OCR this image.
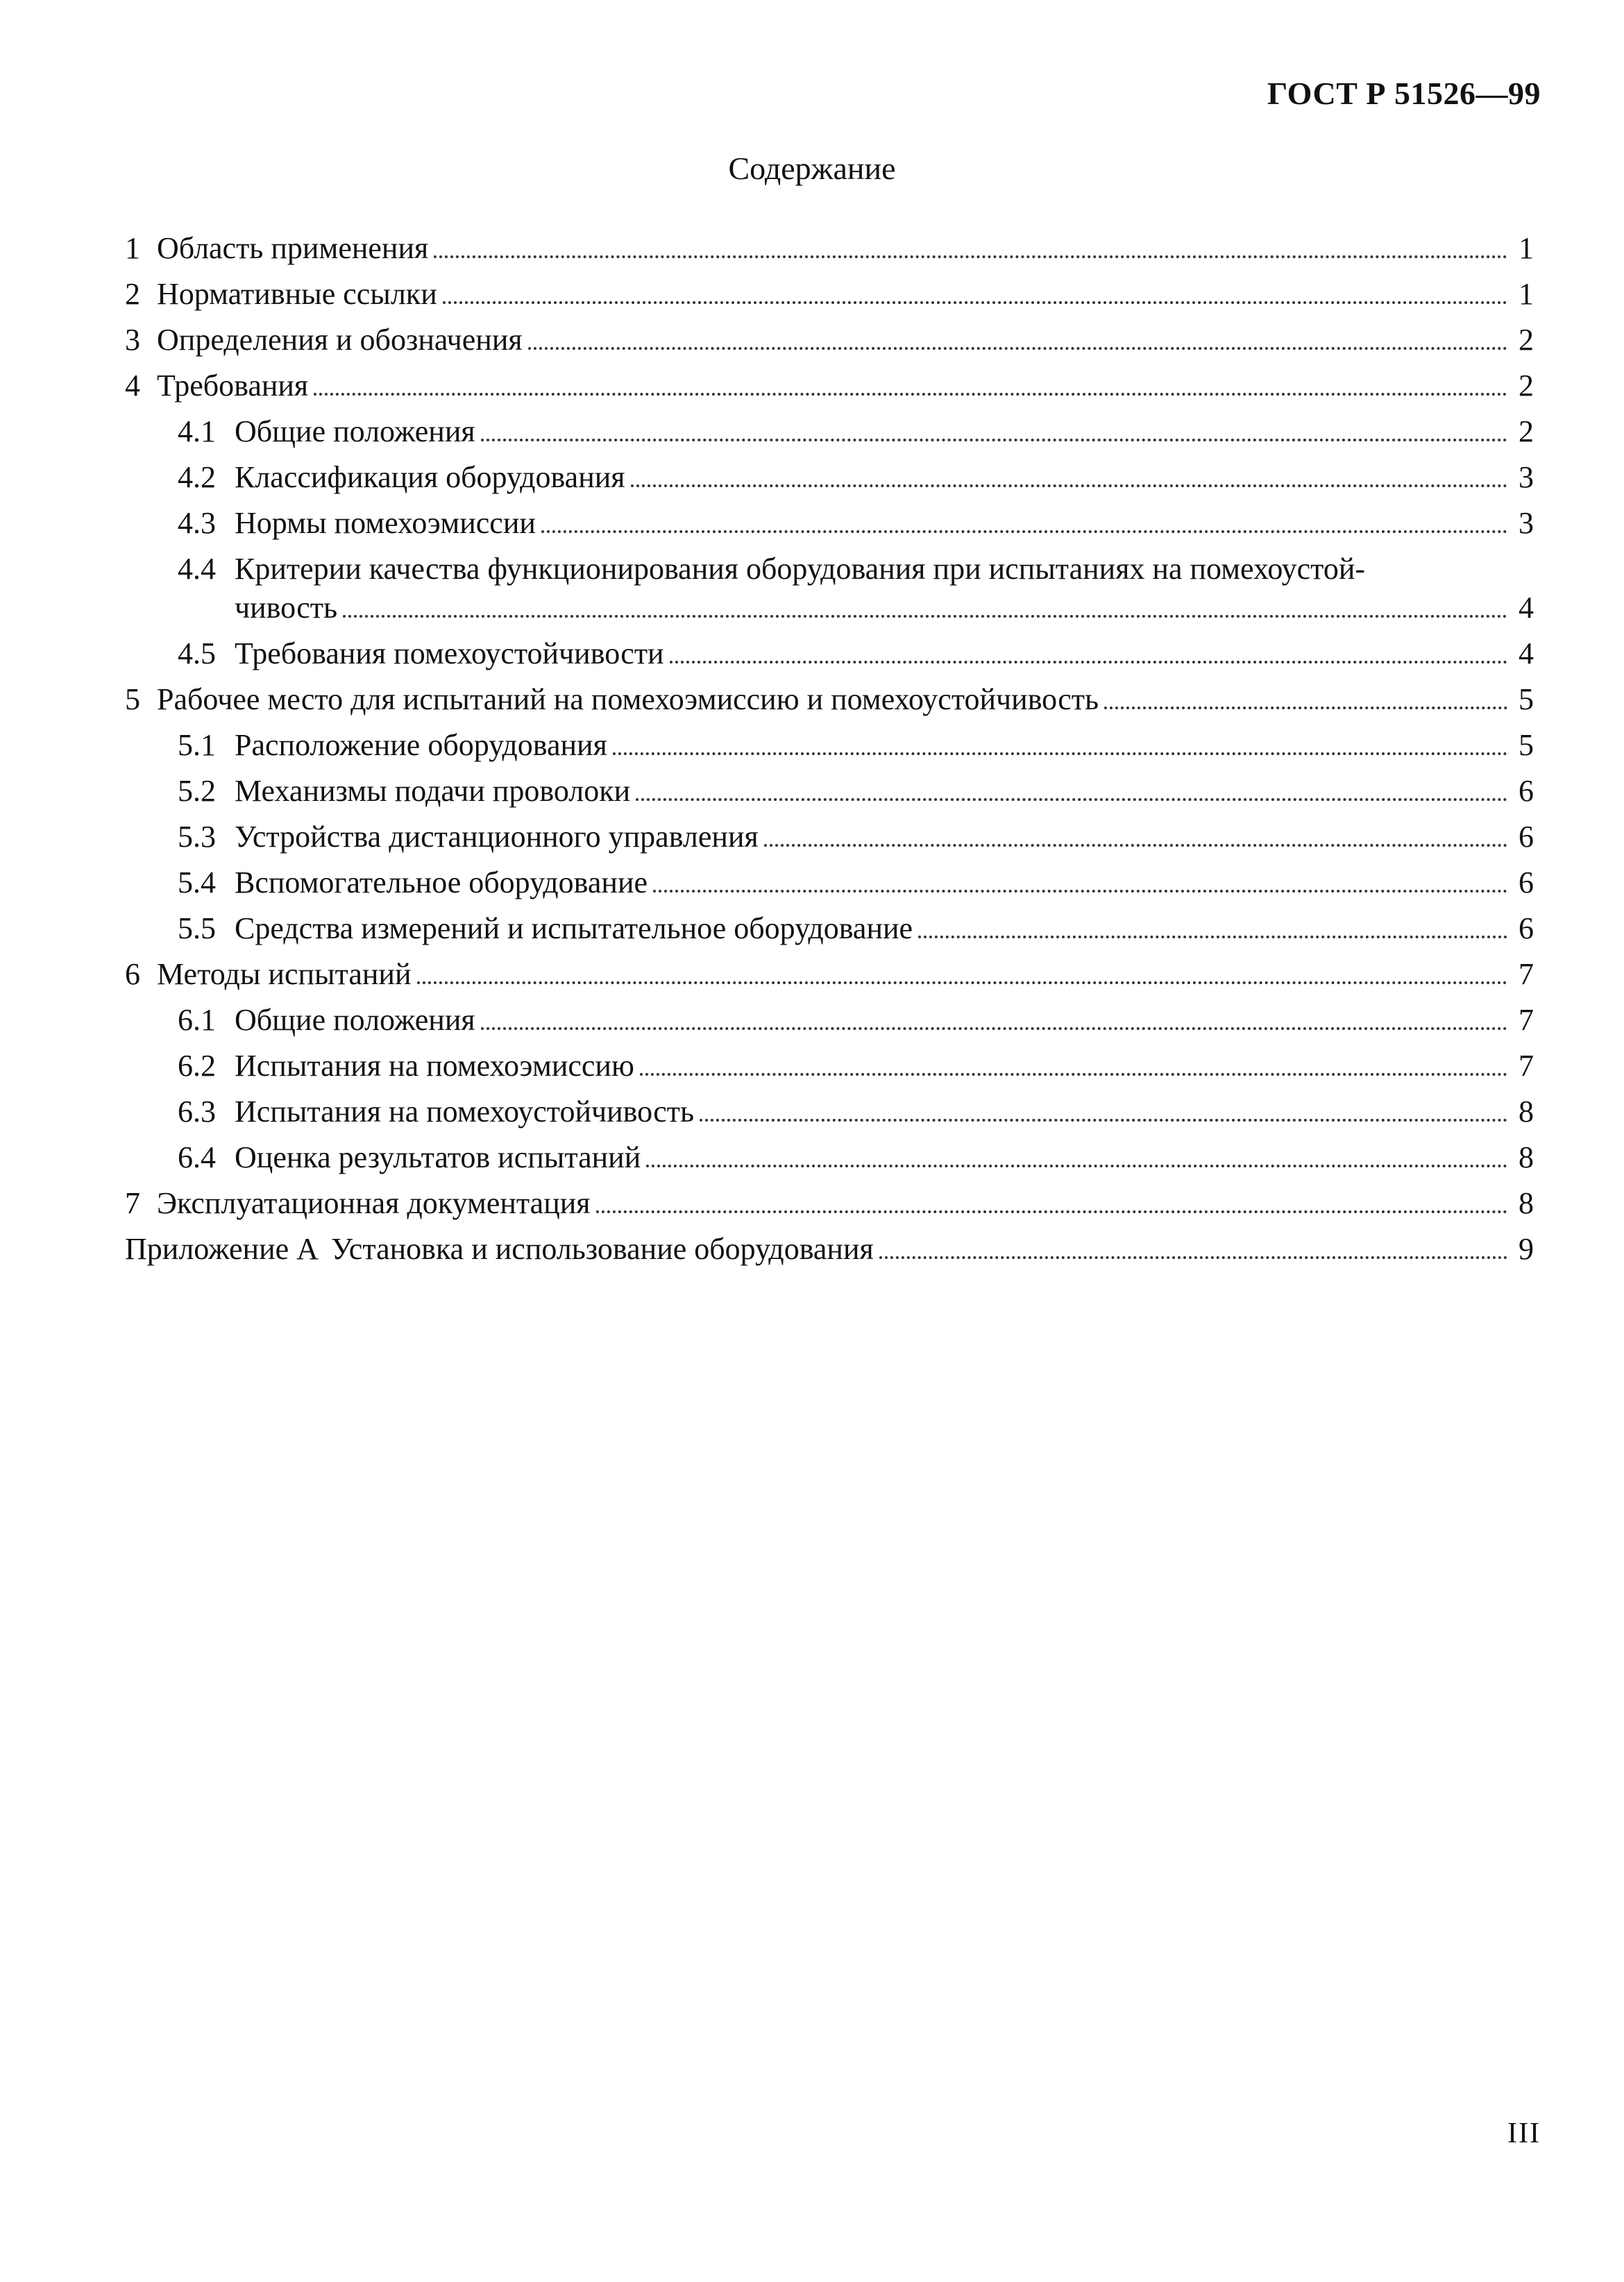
ГОСТ Р 51526—99
Содержание
1 Область применения	1
2 Нормативные ссылки	1
3 Определения и обозначения	2
4 Требования	2
4.1 Общие положения	2
4.2 Классификация оборудования	3
4.3 Нормы помехоэмиссии	3
4.4 Критерии качества функционирования оборудования при испытаниях на помехоустой-
чивость	4
4.5 Требования помехоустойчивости	4
5 Рабочее место для испытаний на помехоэмиссию и помехоустойчивость	5
5.1 Расположение оборудования	5
5.2 Механизмы подачи проволоки	6
5.3 Устройства дистанционного управления	6
5.4 Вспомогательное оборудование	6
5.5 Средства измерений и испытательное оборудование	6
6 Методы испытаний	7
6.1 Общие положения	7
6.2 Испытания на помехоэмиссию	7
6.3 Испытания на помехоустойчивость	8
6.4 Оценка результатов испытаний	8
7 Эксплуатационная документация	8
Приложение А Установка и использование оборудования	9
III
